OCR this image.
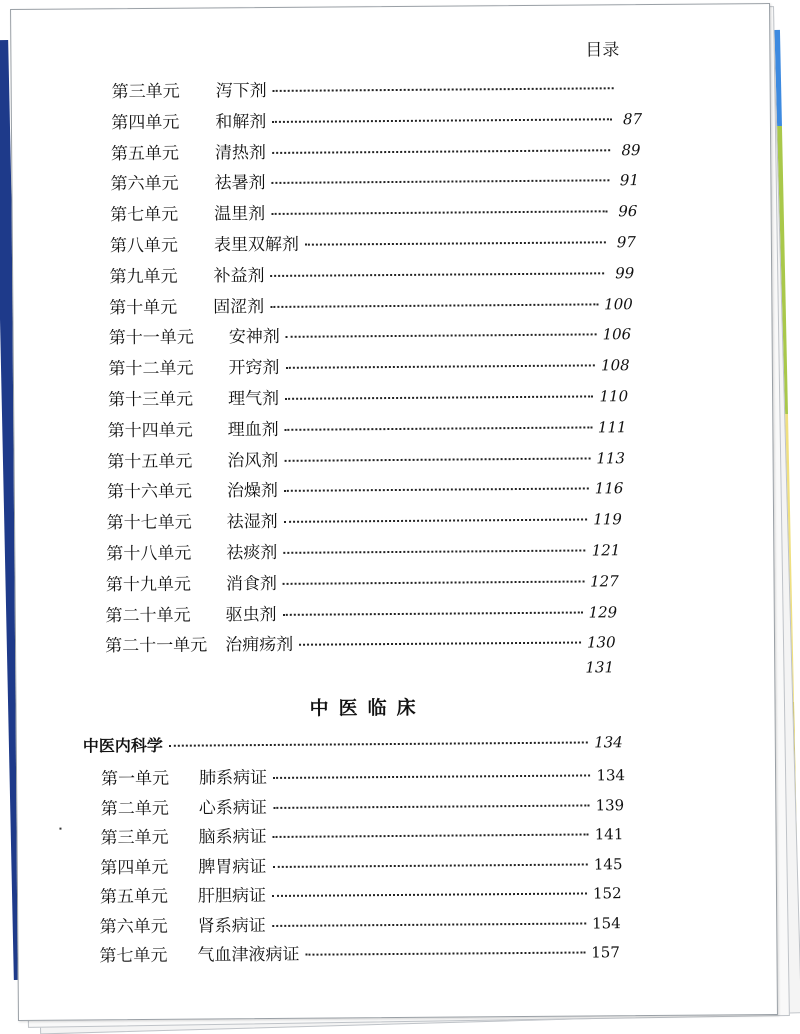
目录
第三单元	泻下剂
第四单元	和解剂	87
第五单元	清热剂	89
第六单元	祛暑剂	91
第七单元	温里剂	96
第八单元	表里双解剂	97
第九单元	补益剂	99
第十单元	固涩剂	100
第十一单元	安神剂	106
第十二单元	开窍剂	108
第十三单元	理气剂	110
第十四单元	理血剂	111
第十五单元	治风剂	113
第十六单元	治燥剂	116
第十七单元	祛湿剂	119
第十八单元	祛痰剂	121
第十九单元	消食剂	127
第二十单元	驱虫剂	129
第二十一单元	治痈疡剂	130
131
中医临床
中医内科学	134
第一单元	肺系病证	134
第二单元	心系病证	139
第三单元	脑系病证	141
第四单元	脾胃病证	145
第五单元	肝胆病证	152
第六单元	肾系病证	154
第七单元	气血津液病证	157
